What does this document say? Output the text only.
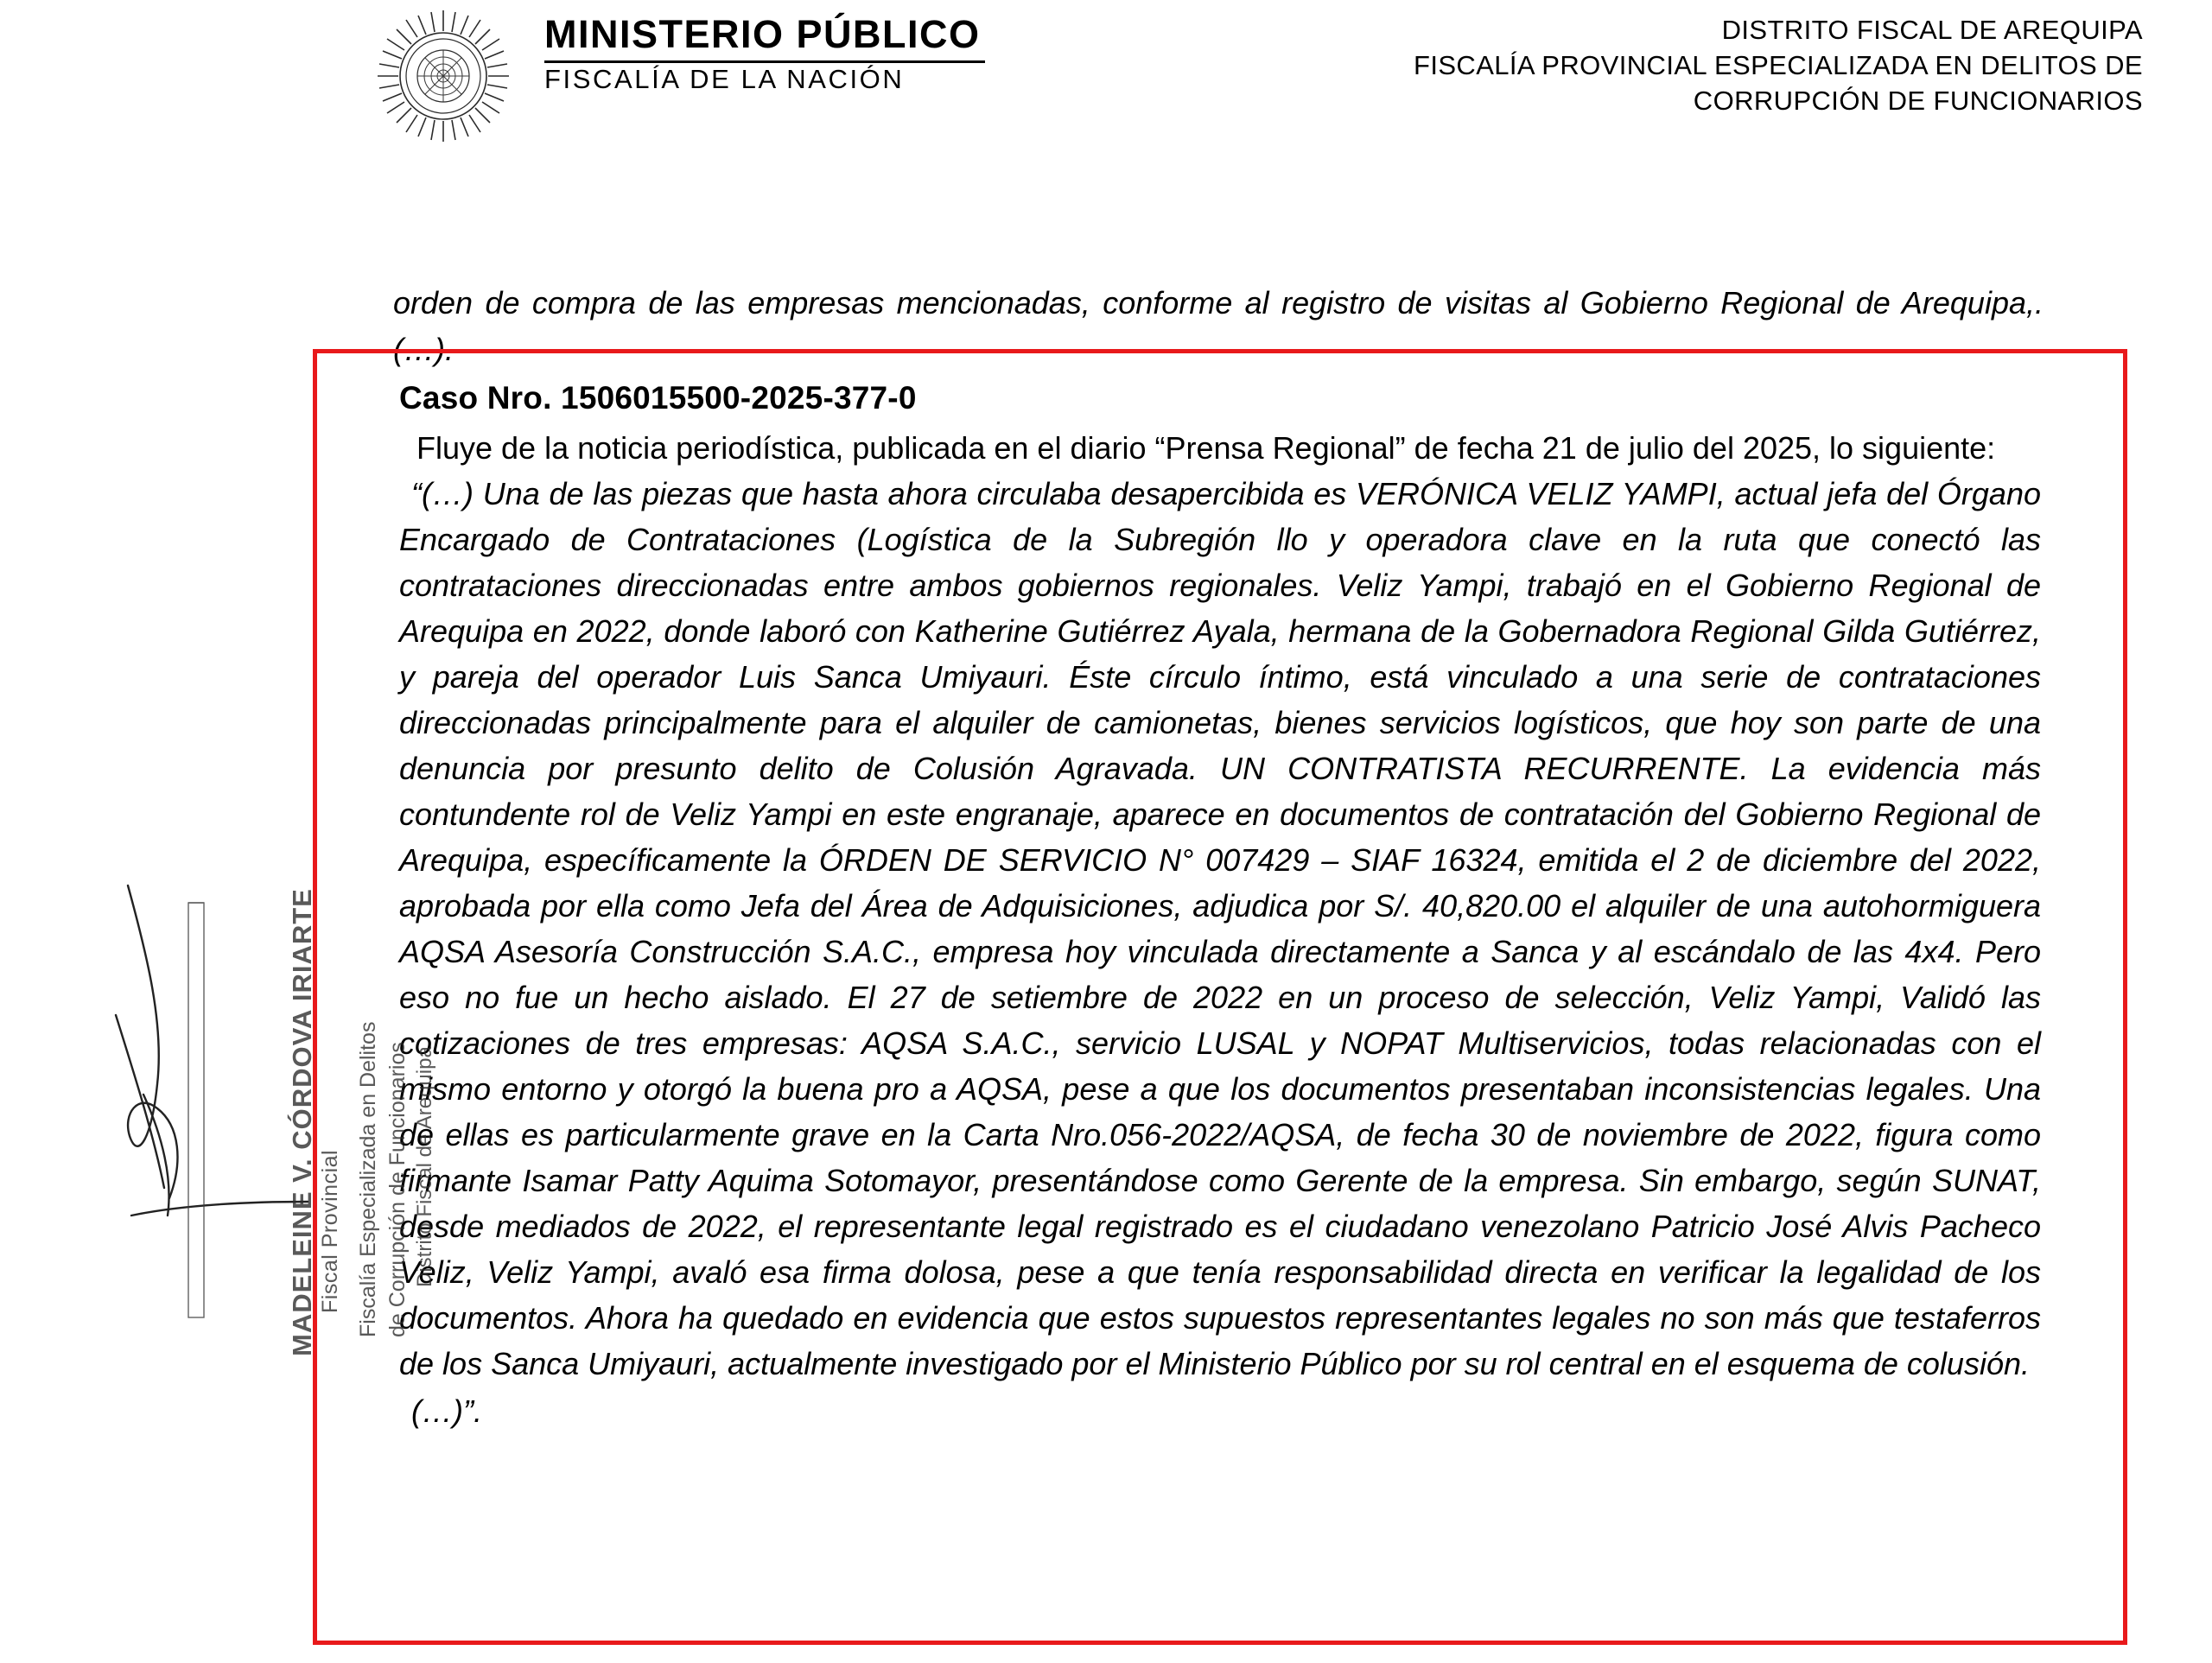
MINISTERIO PÚBLICO
FISCALÍA DE LA NACIÓN
DISTRITO FISCAL DE AREQUIPA
FISCALÍA PROVINCIAL ESPECIALIZADA EN DELITOS DE
CORRUPCIÓN DE FUNCIONARIOS

orden de compra de las empresas mencionadas, conforme al registro de visitas al Gobierno Regional de Arequipa,. (…).

Caso Nro. 1506015500-2025-377-0
Fluye de la noticia periodística, publicada en el diario “Prensa Regional” de fecha 21 de julio del 2025, lo siguiente:
“(…) Una de las piezas que hasta ahora circulaba desapercibida es VERÓNICA VELIZ YAMPI, actual jefa del Órgano Encargado de Contrataciones (Logística de la Subregión llo y operadora clave en la ruta que conectó las contrataciones direccionadas entre ambos gobiernos regionales. Veliz Yampi, trabajó en el Gobierno Regional de Arequipa en 2022, donde laboró con Katherine Gutiérrez Ayala, hermana de la Gobernadora Regional Gilda Gutiérrez, y pareja del operador Luis Sanca Umiyauri. Éste círculo íntimo, está vinculado a una serie de contrataciones direccionadas principalmente para el alquiler de camionetas, bienes servicios logísticos, que hoy son parte de una denuncia por presunto delito de Colusión Agravada. UN CONTRATISTA RECURRENTE. La evidencia más contundente rol de Veliz Yampi en este engranaje, aparece en documentos de contratación del Gobierno Regional de Arequipa, específicamente la ÓRDEN DE SERVICIO N° 007429 – SIAF 16324, emitida el 2 de diciembre del 2022, aprobada por ella como Jefa del Área de Adquisiciones, adjudica por S/. 40,820.00 el alquiler de una autohormiguera AQSA Asesoría Construcción S.A.C., empresa hoy vinculada directamente a Sanca y al escándalo de las 4x4. Pero eso no fue un hecho aislado. El 27 de setiembre de 2022 en un proceso de selección, Veliz Yampi, Validó las cotizaciones de tres empresas: AQSA S.A.C., servicio LUSAL y NOPAT Multiservicios, todas relacionadas con el mismo entorno y otorgó la buena pro a AQSA, pese a que los documentos presentaban inconsistencias legales. Una de ellas es particularmente grave en la Carta Nro.056-2022/AQSA, de fecha 30 de noviembre de 2022, figura como firmante Isamar Patty Aquima Sotomayor, presentándose como Gerente de la empresa. Sin embargo, según SUNAT, desde mediados de 2022, el representante legal registrado es el ciudadano venezolano Patricio José Alvis Pacheco Veliz, Veliz Yampi, avaló esa firma dolosa, pese a que tenía responsabilidad directa en verificar la legalidad de los documentos. Ahora ha quedado en evidencia que estos supuestos representantes legales no son más que testaferros de los Sanca Umiyauri, actualmente investigado por el Ministerio Público por su rol central en el esquema de colusión.
(…)”.
MADELEINE V. CÓRDOVA IRIARTE Fiscal Provincial Fiscalía Especializada en Delitos de Corrupción de Funcionarios Distrito Fiscal de Arequipa
